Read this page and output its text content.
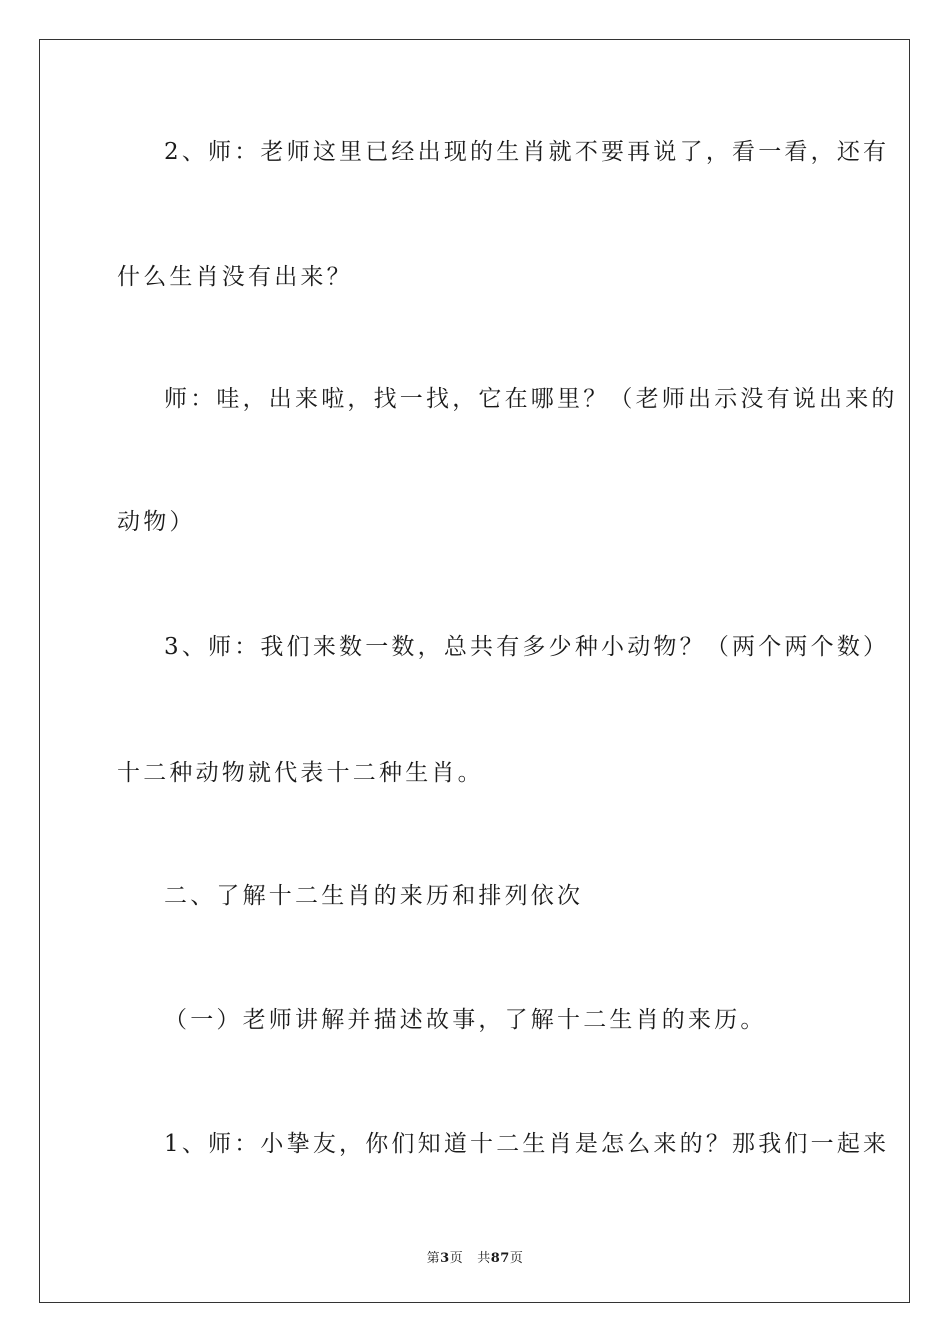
2、师：老师这里已经出现的生肖就不要再说了，看一看，还有
什么生肖没有出来？
师：哇，出来啦，找一找，它在哪里？（老师出示没有说出来的
动物）
3、师：我们来数一数，总共有多少种小动物？（两个两个数）
十二种动物就代表十二种生肖。
二、了解十二生肖的来历和排列依次
（一）老师讲解并描述故事，了解十二生肖的来历。
1、师：小挚友，你们知道十二生肖是怎么来的？那我们一起来
第3页 共87页
